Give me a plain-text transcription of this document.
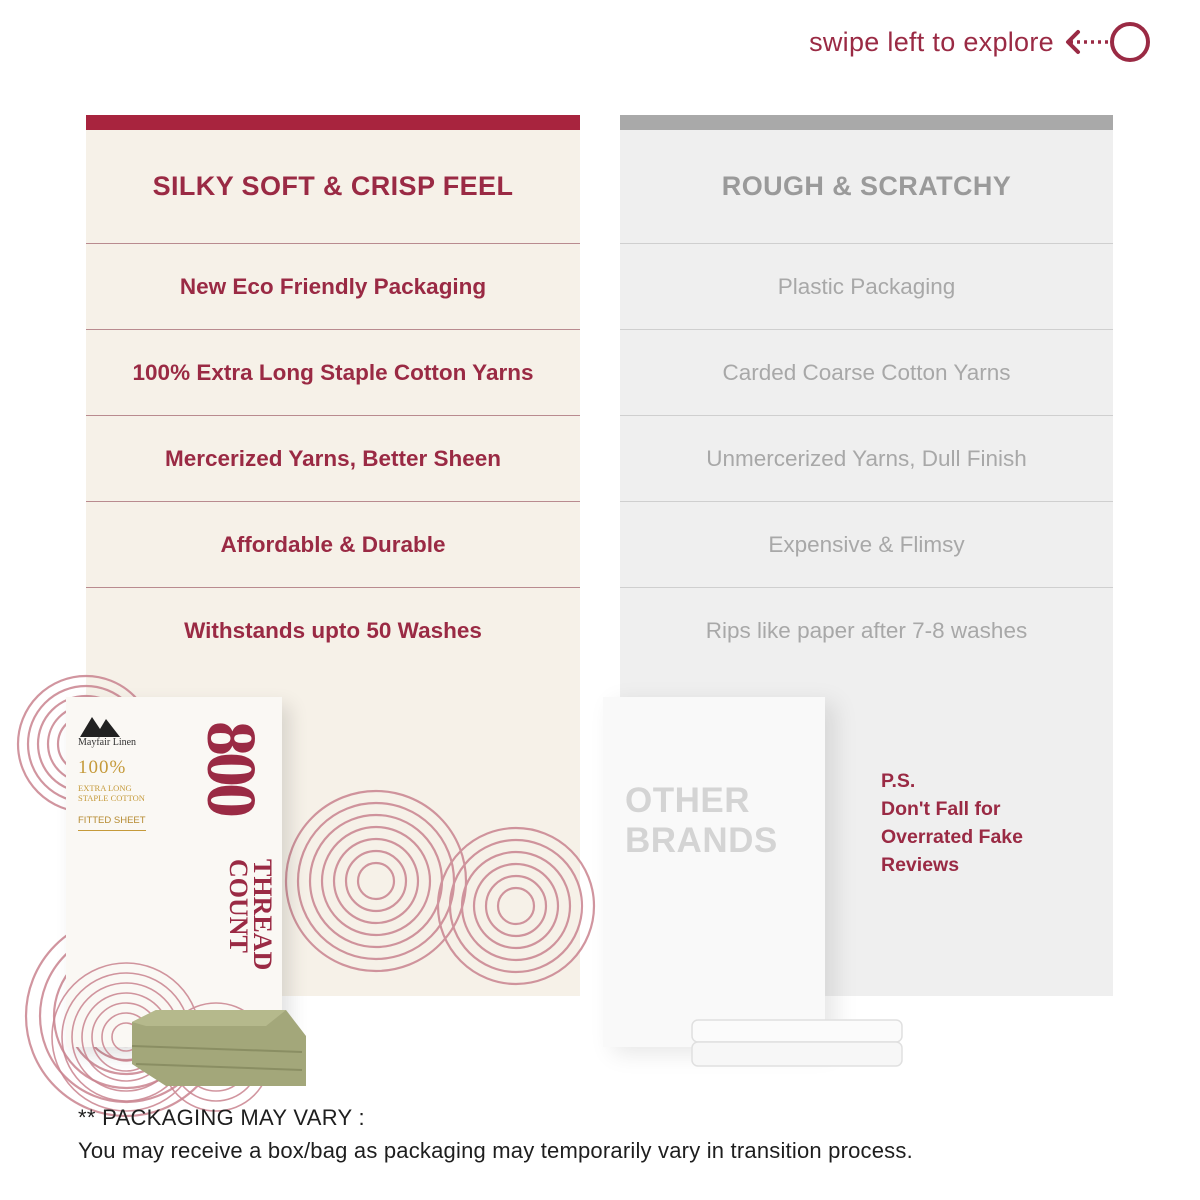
swipe left to explore
SILKY SOFT & CRISP FEEL
New Eco Friendly Packaging
100% Extra Long Staple Cotton Yarns
Mercerized Yarns, Better Sheen
Affordable & Durable
Withstands upto 50 Washes
ROUGH & SCRATCHY
Plastic Packaging
Carded Coarse Cotton Yarns
Unmercerized Yarns, Dull Finish
Expensive & Flimsy
Rips like paper after 7-8 washes
Mayfair Linen
100%
EXTRA LONG STAPLE COTTON
FITTED SHEET
800
THREAD
COUNT
OTHER
BRANDS
P.S.
Don't Fall for
Overrated Fake
Reviews
** PACKAGING MAY VARY :
You may receive a box/bag as packaging may temporarily vary in transition process.
